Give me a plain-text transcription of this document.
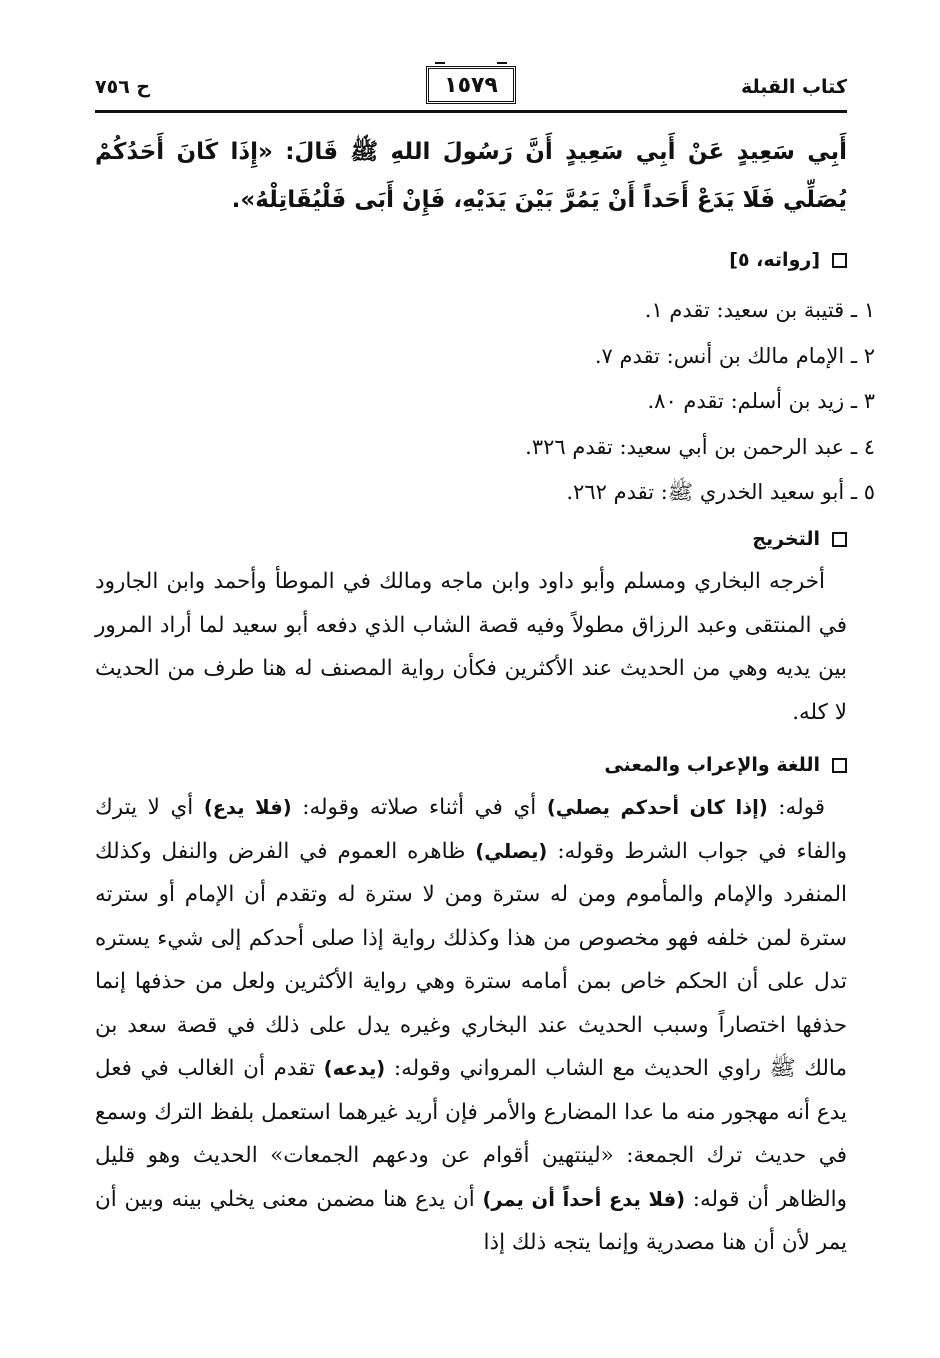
كتاب القبلة
١٥٧٩
ح ٧٥٦
أَبِي سَعِيدٍ عَنْ أَبِي سَعِيدٍ أَنَّ رَسُولَ اللهِ ﷺ قَالَ: «إِذَا كَانَ أَحَدُكُمْ يُصَلِّي فَلَا يَدَعْ أَحَداً أَنْ يَمُرَّ بَيْنَ يَدَيْهِ، فَإِنْ أَبَى فَلْيُقَاتِلْهُ».
[رواته، ٥]
١ ـ قتيبة بن سعيد: تقدم ١.
٢ ـ الإمام مالك بن أنس: تقدم ٧.
٣ ـ زيد بن أسلم: تقدم ٨٠.
٤ ـ عبد الرحمن بن أبي سعيد: تقدم ٣٢٦.
٥ ـ أبو سعيد الخدري ﷺ: تقدم ٢٦٢.
التخريج
أخرجه البخاري ومسلم وأبو داود وابن ماجه ومالك في الموطأ وأحمد وابن الجارود في المنتقى وعبد الرزاق مطولاً وفيه قصة الشاب الذي دفعه أبو سعيد لما أراد المرور بين يديه وهي من الحديث عند الأكثرين فكأن رواية المصنف له هنا طرف من الحديث لا كله.
اللغة والإعراب والمعنى
قوله: (إذا كان أحدكم يصلي) أي في أثناء صلاته وقوله: (فلا يدع) أي لا يترك والفاء في جواب الشرط وقوله: (يصلي) ظاهره العموم في الفرض والنفل وكذلك المنفرد والإمام والمأموم ومن له سترة ومن لا سترة له وتقدم أن الإمام أو سترته سترة لمن خلفه فهو مخصوص من هذا وكذلك رواية إذا صلى أحدكم إلى شيء يستره تدل على أن الحكم خاص بمن أمامه سترة وهي رواية الأكثرين ولعل من حذفها إنما حذفها اختصاراً وسبب الحديث عند البخاري وغيره يدل على ذلك في قصة سعد بن مالك ﷺ راوي الحديث مع الشاب المرواني وقوله: (يدعه) تقدم أن الغالب في فعل يدع أنه مهجور منه ما عدا المضارع والأمر فإن أريد غيرهما استعمل بلفظ الترك وسمع في حديث ترك الجمعة: «لينتهين أقوام عن ودعهم الجمعات» الحديث وهو قليل والظاهر أن قوله: (فلا يدع أحداً أن يمر) أن يدع هنا مضمن معنى يخلي بينه وبين أن يمر لأن أن هنا مصدرية وإنما يتجه ذلك إذا
